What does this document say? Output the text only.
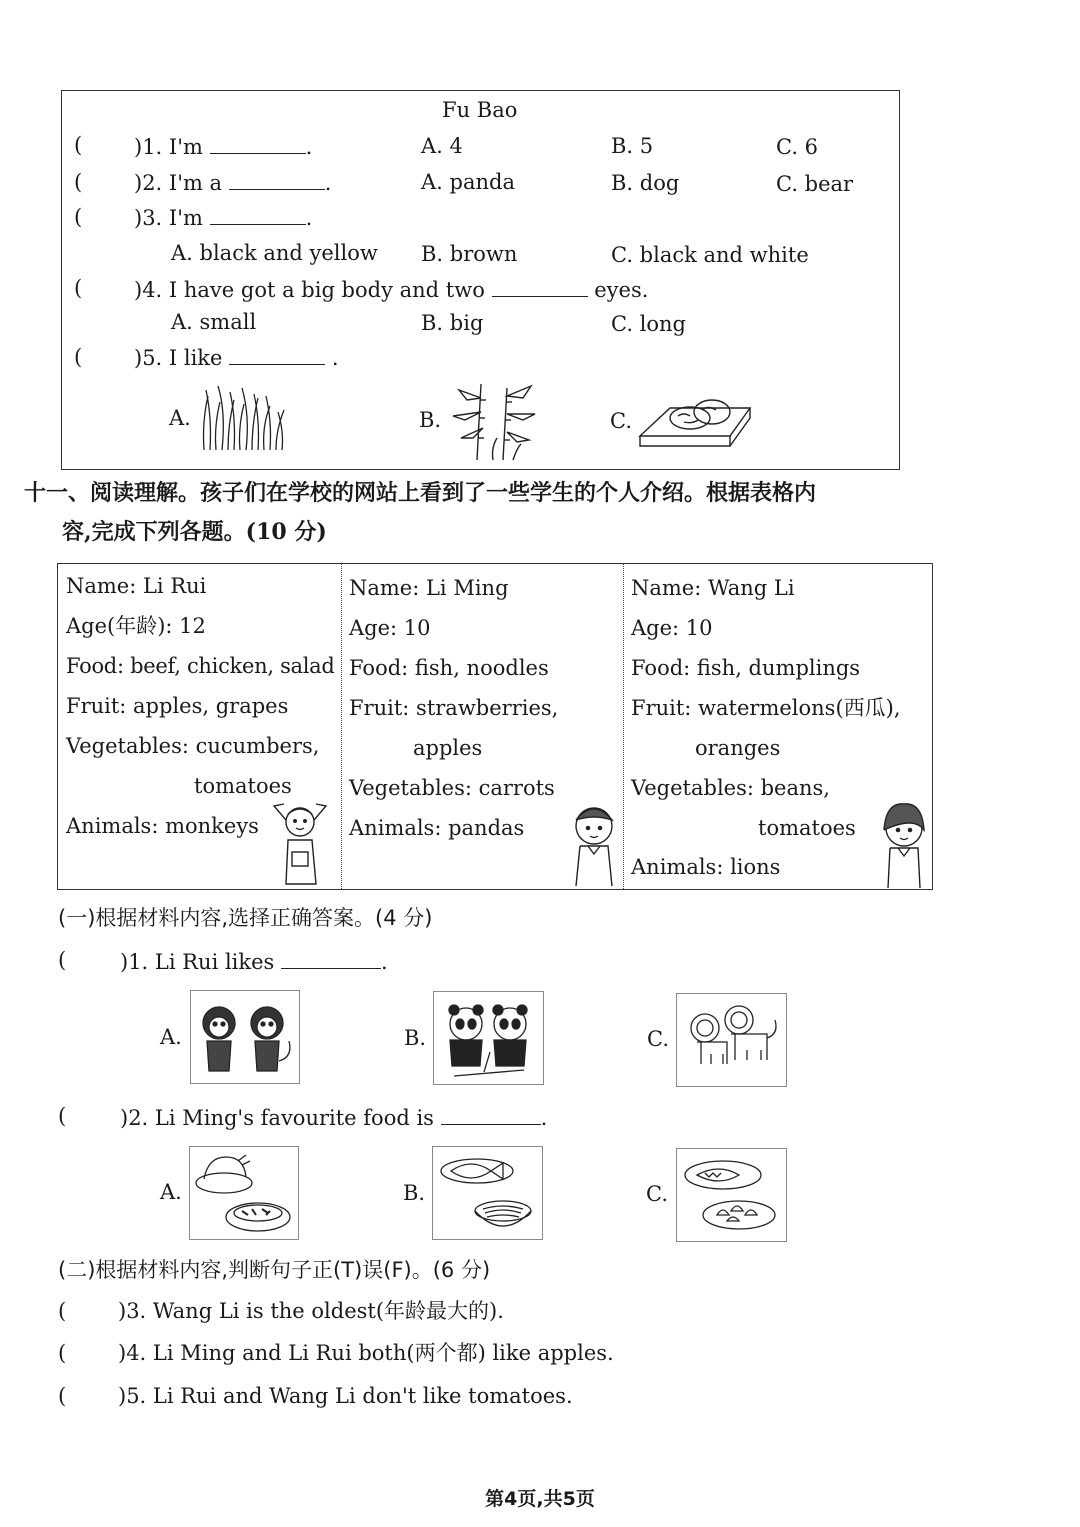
Fu Bao
( )1. I'm	.	A. 4	B. 5	C. 6
( )2. I'm a	.	A. panda	B. dog	C. bear
( )3. I'm	.
A. black and yellow B. brown	C. black and white
( )4. I have got a big body and two	eyes.
A. small	B. big	C. long
( )5. I like	.
A.	B.	C.
十一、阅读理解。孩子们在学校的网站上看到了一些学生的个人介绍。根据表格内
容,完成下列各题。(10 分)
Name: Li Rui
Age(年龄): 12
Food: beef, chicken, salad
Fruit: apples, grapes
Vegetables: cucumbers,
tomatoes
Animals: monkeys
Name: Li Ming
Age: 10
Food: fish, noodles
Fruit: strawberries,
apples
Vegetables: carrots
Animals: pandas
Name: Wang Li
Age: 10
Food: fish, dumplings
Fruit: watermelons(西瓜),
oranges
Vegetables: beans,
tomatoes
Animals: lions
(一)根据材料内容,选择正确答案。(4 分)
(	)1. Li Rui likes	.
A.	B.	C.
(	)2. Li Ming's favourite food is	.
A.	B.	C.
(二)根据材料内容,判断句子正(T)误(F)。(6 分)
( )3. Wang Li is the oldest(年龄最大的).
( )4. Li Ming and Li Rui both(两个都) like apples.
( )5. Li Rui and Wang Li don't like tomatoes.
第4页,共5页
